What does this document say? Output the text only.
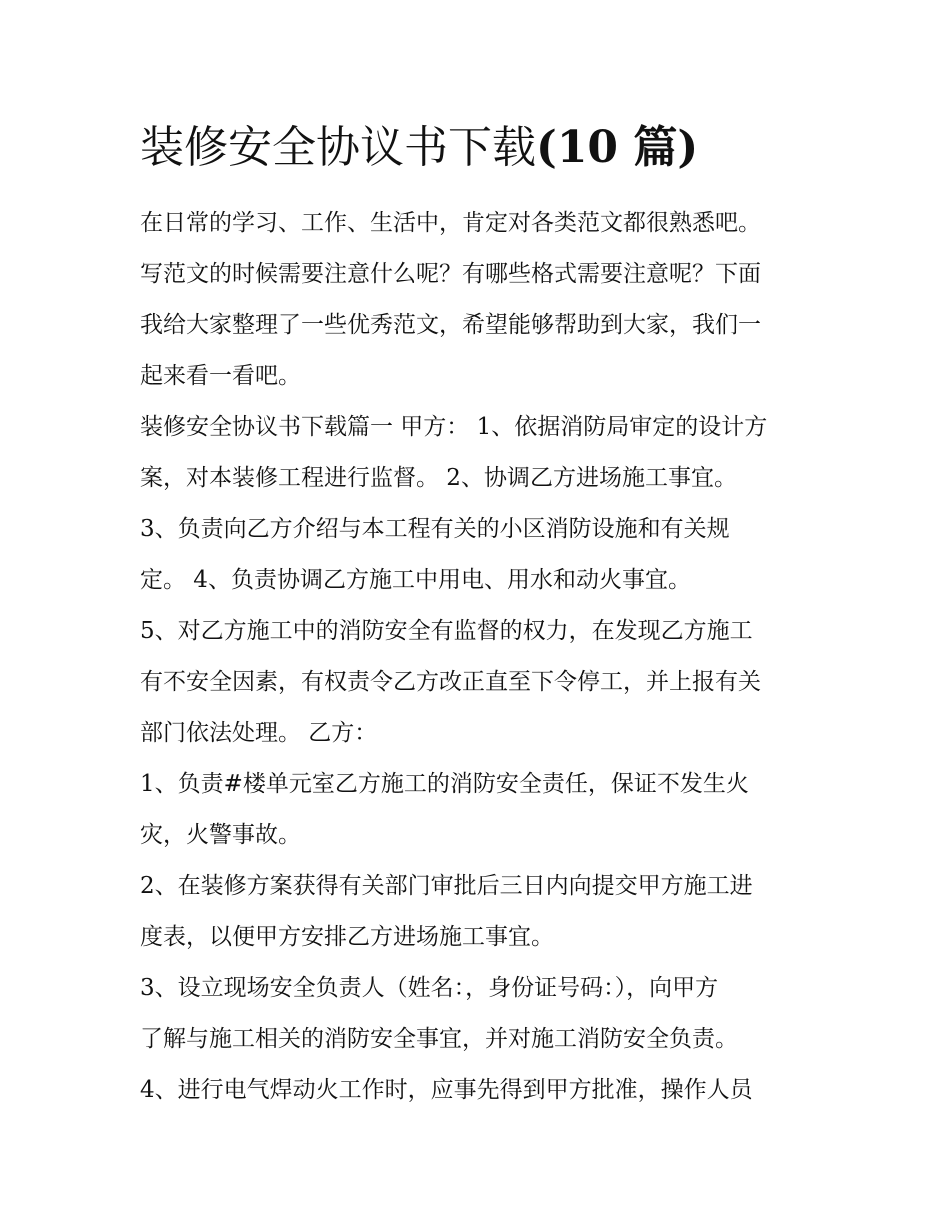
装修安全协议书下载(10 篇)

在日常的学习、工作、生活中，肯定对各类范文都很熟悉吧。

写范文的时候需要注意什么呢？有哪些格式需要注意呢？下面

我给大家整理了一些优秀范文，希望能够帮助到大家，我们一

起来看一看吧。

装修安全协议书下载篇一 甲方： 1、依据消防局审定的设计方

案，对本装修工程进行监督。 2、协调乙方进场施工事宜。

3、负责向乙方介绍与本工程有关的小区消防设施和有关规

定。 4、负责协调乙方施工中用电、用水和动火事宜。

5、对乙方施工中的消防安全有监督的权力，在发现乙方施工

有不安全因素，有权责令乙方改正直至下令停工，并上报有关

部门依法处理。 乙方：

1、负责#楼单元室乙方施工的消防安全责任，保证不发生火

灾，火警事故。

2、在装修方案获得有关部门审批后三日内向提交甲方施工进

度表，以便甲方安排乙方进场施工事宜。

3、设立现场安全负责人（姓名：，身份证号码：），向甲方

了解与施工相关的消防安全事宜，并对施工消防安全负责。

4、进行电气焊动火工作时，应事先得到甲方批准，操作人员
